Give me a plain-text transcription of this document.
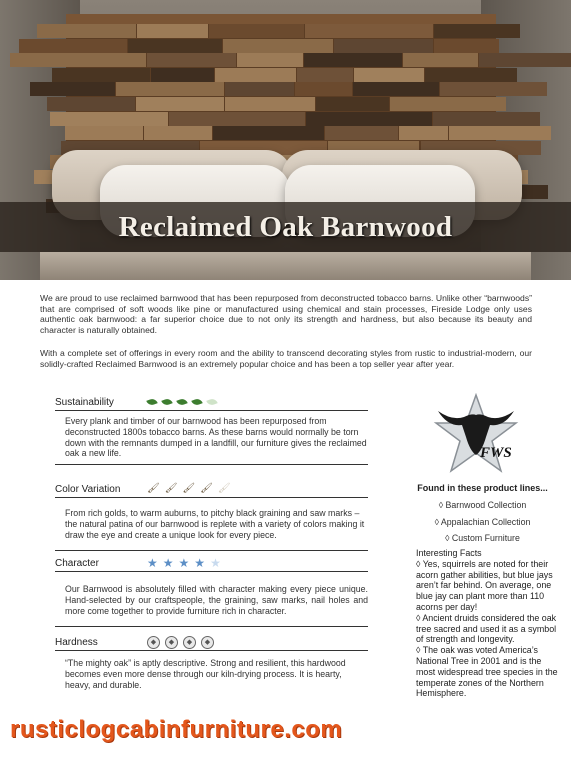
Reclaimed Oak Barnwood

We are proud to use reclaimed barnwood that has been repurposed from deconstructed tobacco barns. Unlike other “barnwoods” that are comprised of soft woods like pine or manufactured using chemical and stain processes, Fireside Lodge only uses authentic oak barnwood: a far superior choice due to not only its strength and hardness, but also because its beauty and character is naturally obtained.

With a complete set of offerings in every room and the ability to transcend decorating styles from rustic to industrial-modern, our solidly-crafted Reclaimed Barnwood is an extremely popular choice and has been a top seller year after year.

Sustainability
Every plank and timber of our barnwood has been repurposed from deconstructed 1800s tobacco barns. As these barns would normally be torn down with the remnants dumped in a landfill, our furniture gives the reclaimed oak a new life.
Color Variation	🖌 🖌 🖌 🖌 🖌
From rich golds, to warm auburns, to pitchy black graining and saw marks – the natural patina of our barnwood is replete with a variety of colors making it draw the eye and create a unique look for every piece.
Character	★ ★ ★ ★ ★
Our Barnwood is absolutely filled with character making every piece unique. Hand-selected by our craftspeople, the graining, saw marks, nail holes and more come together to provide furniture rich in character.
Hardness	◆	◆	◆	◆
“The mighty oak” is aptly descriptive. Strong and resilient, this hardwood becomes even more dense through our kiln-drying process. It is hearty, heavy, and durable.
FWS
Found in these product lines...
◊ Barnwood Collection
◊ Appalachian Collection
◊ Custom Furniture

Interesting Facts

◊ Yes, squirrels are noted for their acorn gather abilities, but blue jays aren’t far behind. On average, one blue jay can plant more than 110 acorns per day!

◊ Ancient druids considered the oak tree sacred and used it as a symbol of strength and longevity.

◊ The oak was voted America’s National Tree in 2001 and is the most widespread tree species in the temperate zones of the Northern Hemisphere.

rusticlogcabinfurniture.com
